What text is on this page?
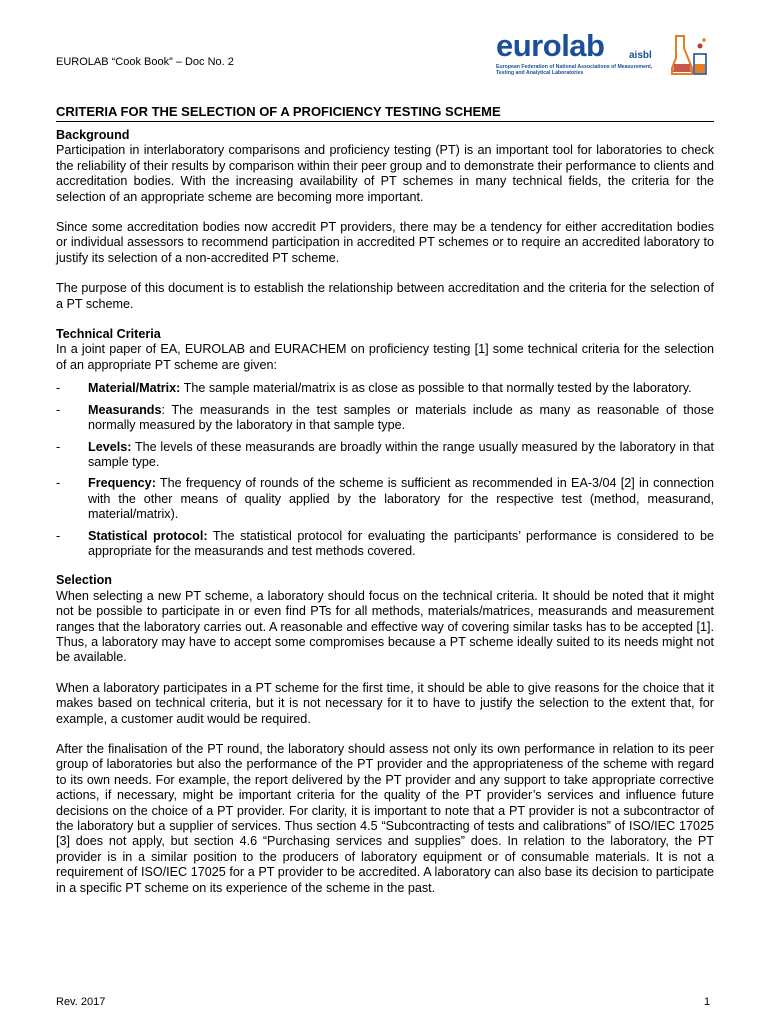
EUROLAB “Cook Book” – Doc No. 2	eurolab aisbl
European Federation of National Associations of Measurement, Testing and Analytical Laboratories
CRITERIA FOR THE SELECTION OF A PROFICIENCY TESTING SCHEME
Background

Participation in interlaboratory comparisons and proficiency testing (PT) is an important tool for laboratories to check the reliability of their results by comparison within their peer group and to demonstrate their performance to clients and accreditation bodies. With the increasing availability of PT schemes in many technical fields, the criteria for the selection of an appropriate scheme are becoming more important.

Since some accreditation bodies now accredit PT providers, there may be a tendency for either accreditation bodies or individual assessors to recommend participation in accredited PT schemes or to require an accredited laboratory to justify its selection of a non-accredited PT scheme.

The purpose of this document is to establish the relationship between accreditation and the criteria for the selection of a PT scheme.

Technical Criteria

In a joint paper of EA, EUROLAB and EURACHEM on proficiency testing [1] some technical criteria for the selection of an appropriate PT scheme are given:

-	Material/Matrix: The sample material/matrix is as close as possible to that normally tested by the laboratory.
-	Measurands: The measurands in the test samples or materials include as many as reasonable of those normally measured by the laboratory in that sample type.
-	Levels: The levels of these measurands are broadly within the range usually measured by the laboratory in that sample type.
-	Frequency: The frequency of rounds of the scheme is sufficient as recommended in EA-3/04 [2] in connection with the other means of quality applied by the laboratory for the respective test (method, measurand, material/matrix).
-	Statistical protocol: The statistical protocol for evaluating the participants’ performance is considered to be appropriate for the measurands and test methods covered.
Selection

When selecting a new PT scheme, a laboratory should focus on the technical criteria. It should be noted that it might not be possible to participate in or even find PTs for all methods, materials/matrices, measurands and measurement ranges that the laboratory carries out. A reasonable and effective way of covering similar tasks has to be accepted [1]. Thus, a laboratory may have to accept some compromises because a PT scheme ideally suited to its needs might not be available.

When a laboratory participates in a PT scheme for the first time, it should be able to give reasons for the choice that it makes based on technical criteria, but it is not necessary for it to have to justify the selection to the extent that, for example, a customer audit would be required.

After the finalisation of the PT round, the laboratory should assess not only its own performance in relation to its peer group of laboratories but also the performance of the PT provider and the appropriateness of the scheme with regard to its own needs. For example, the report delivered by the PT provider and any support to take appropriate corrective actions, if necessary, might be important criteria for the quality of the PT provider’s services and influence future decisions on the choice of a PT provider. For clarity, it is important to note that a PT provider is not a subcontractor of the laboratory but a supplier of services. Thus section 4.5 “Subcontracting of tests and calibrations” of ISO/IEC 17025 [3] does not apply, but section 4.6 “Purchasing services and supplies” does. In relation to the laboratory, the PT provider is in a similar position to the producers of laboratory equipment or of consumable materials. It is not a requirement of ISO/IEC 17025 for a PT provider to be accredited. A laboratory can also base its decision to participate in a specific PT scheme on its experience of the scheme in the past.

Rev. 2017	1
